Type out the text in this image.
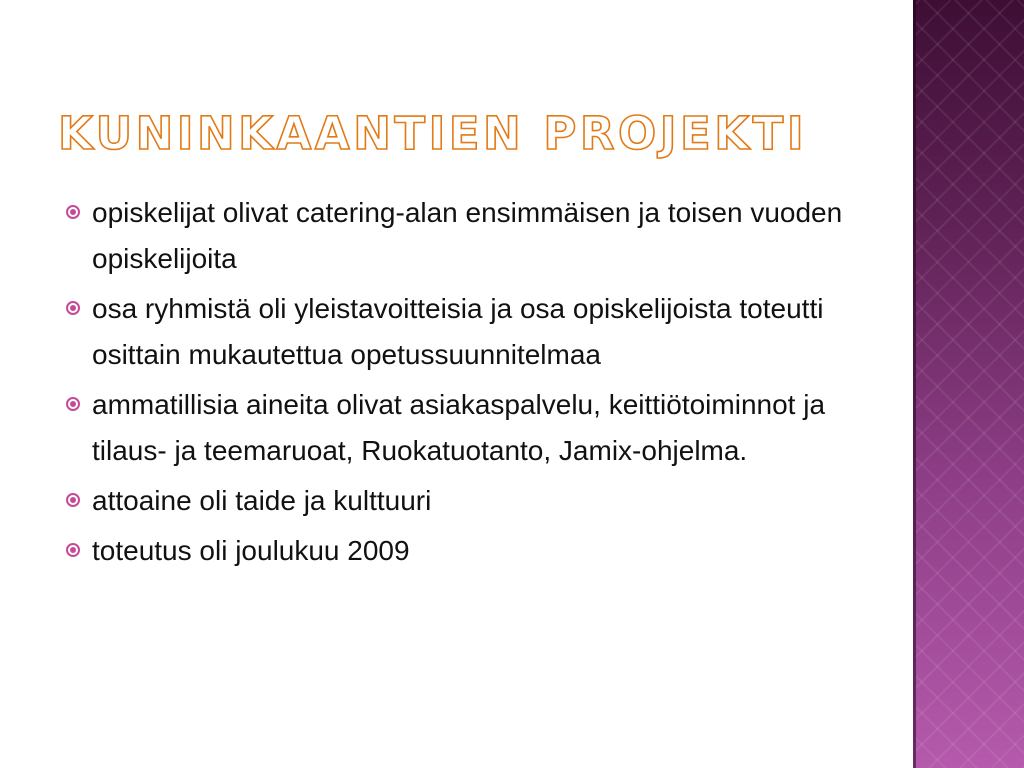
KUNINKAANTIEN PROJEKTI
opiskelijat olivat catering-alan ensimmäisen ja toisen vuoden opiskelijoita
osa ryhmistä oli yleistavoitteisia ja osa opiskelijoista toteutti osittain mukautettua opetussuunnitelmaa
ammatillisia aineita olivat asiakaspalvelu, keittiötoiminnot ja tilaus- ja teemaruoat, Ruokatuotanto, Jamix-ohjelma.
attoaine oli taide ja kulttuuri
toteutus oli joulukuu 2009
